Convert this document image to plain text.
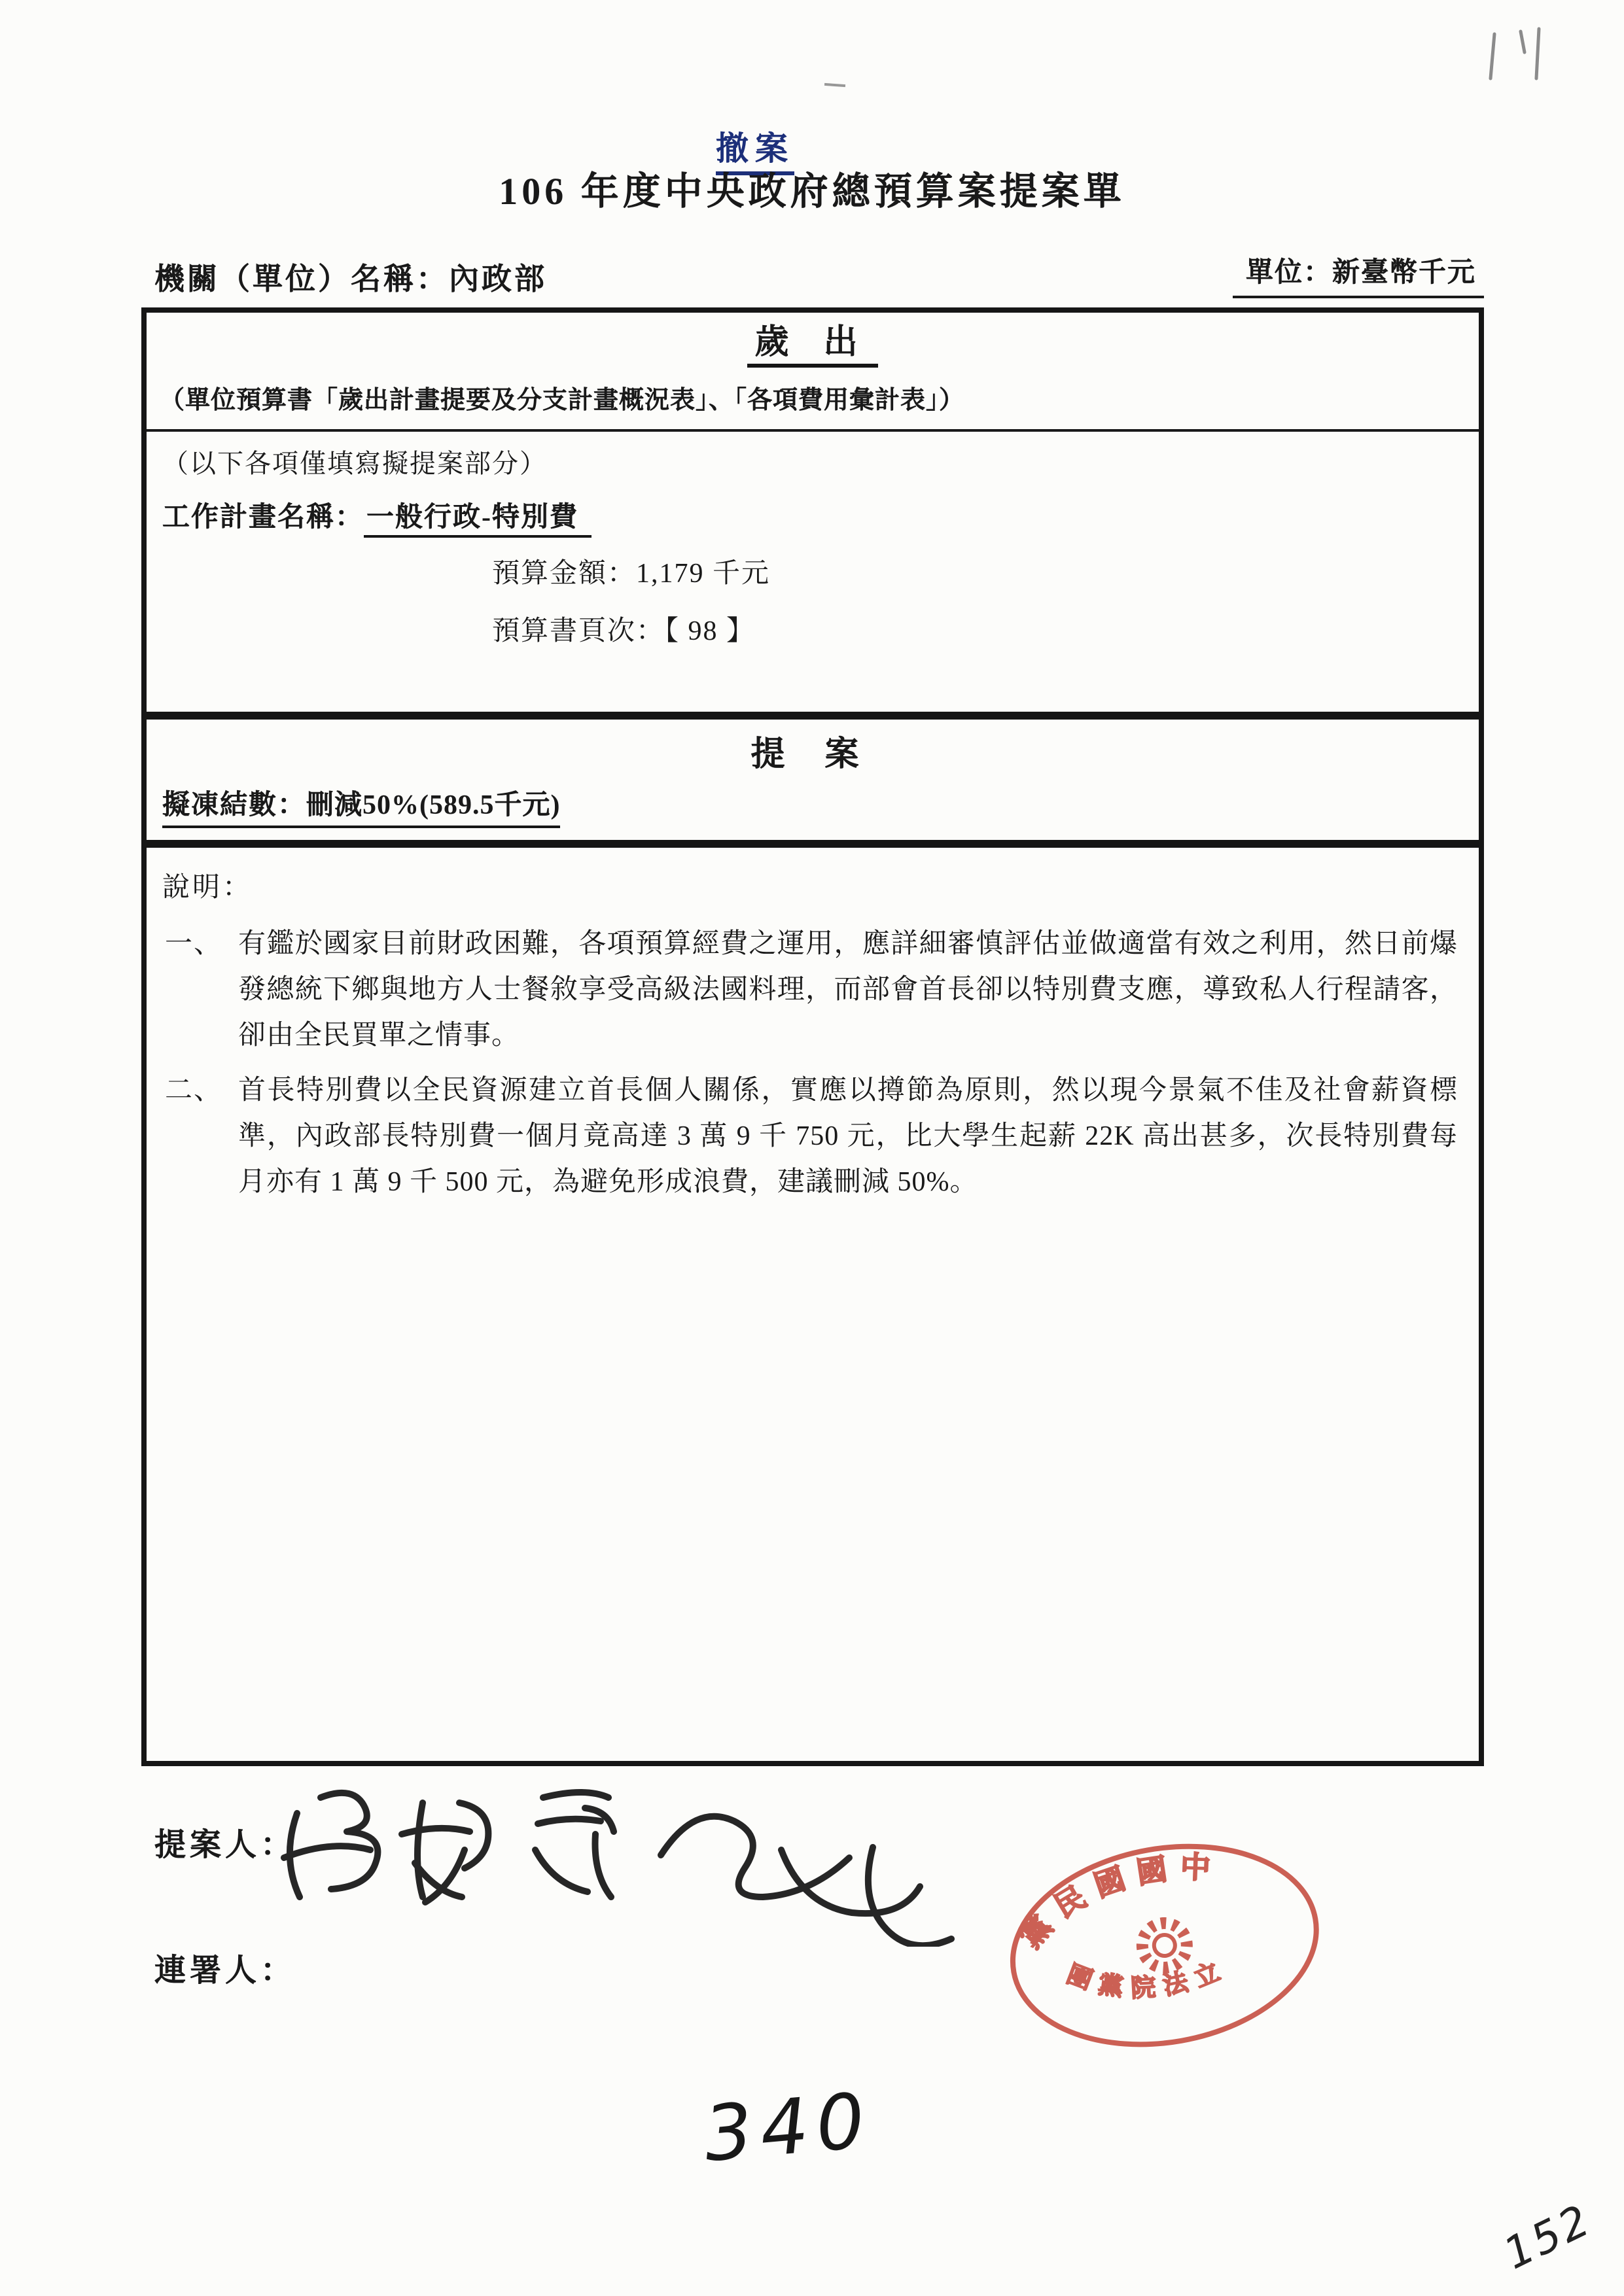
撤案
106 年度中央政府總預算案提案單
機關（單位）名稱：內政部	單位：新臺幣千元
歲 出
（單位預算書「歲出計畫提要及分支計畫概況表」、「各項費用彙計表」）
（以下各項僅填寫擬提案部分）
工作計畫名稱： 一般行政-特別費
預算金額：1,179 千元
預算書頁次：【 98 】
提 案
擬凍結數：刪減50%(589.5千元)
說明：
一、	有鑑於國家目前財政困難，各項預算經費之運用，應詳細審慎評估並做適當有效之利用，然日前爆發總統下鄉與地方人士餐敘享受高級法國料理，而部會首長卻以特別費支應，導致私人行程請客，卻由全民買單之情事。
二、	首長特別費以全民資源建立首長個人關係，實應以撙節為原則，然以現今景氣不佳及社會薪資標準，內政部長特別費一個月竟高達 3 萬 9 千 750 元，比大學生起薪 22K 高出甚多，次長特別費每月亦有 1 萬 9 千 500 元，為避免形成浪費，建議刪減 50%。
提案人：
連署人：
黨民國國中
團黨院法立
340
152
